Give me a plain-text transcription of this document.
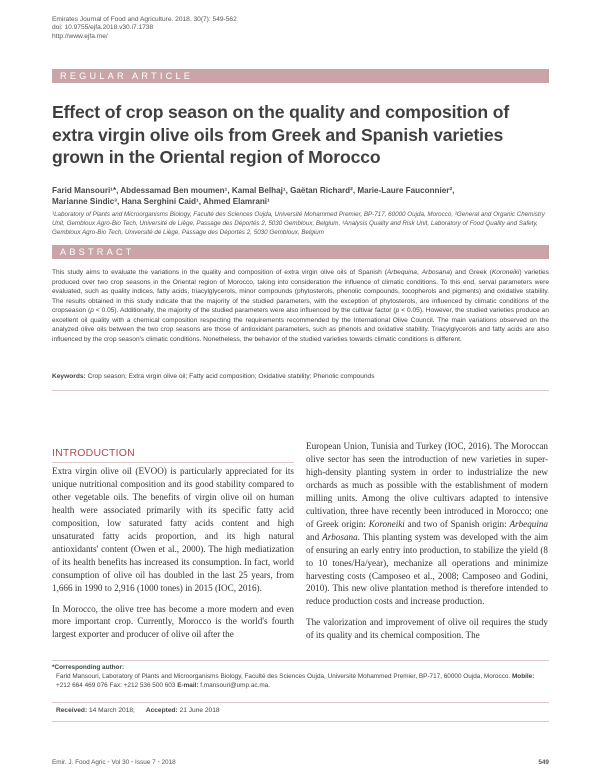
Emirates Journal of Food and Agriculture. 2018. 30(7): 549-562
doi: 10.9755/ejfa.2018.v30.i7.1738
http://www.ejfa.me/
REGULAR ARTICLE
Effect of crop season on the quality and composition of extra virgin olive oils from Greek and Spanish varieties grown in the Oriental region of Morocco
Farid Mansouri¹*, Abdessamad Ben moumen¹, Kamal Belhaj¹, Gaëtan Richard², Marie-Laure Fauconnier²,
Marianne Sindic³, Hana Serghini Caid¹, Ahmed Elamrani¹
¹Laboratory of Plants and Microorganisms Biology, Faculté des Sciences Oujda, Université Mohammed Premier, BP-717, 60000 Oujda, Morocco, ²General and Organic Chemistry Unit, Gembloux Agro-Bio Tech, Université de Liège, Passage des Déportés 2, 5030 Gembloux, Belgium, ³Analysis Quality and Risk Unit, Laboratory of Food Quality and Safety, Gembloux Agro-Bio Tech, Université de Liège, Passage des Déportés 2, 5030 Gembloux, Belgium
ABSTRACT
This study aims to evaluate the variations in the quality and composition of extra virgin olive oils of Spanish (Arbequina, Arbosana) and Greek (Koroneiki) varieties produced over two crop seasons in the Oriental region of Morocco, taking into consideration the influence of climatic conditions. To this end, serval parameters were evaluated, such as quality indices, fatty acids, triacylglycerols, minor compounds (phytosterols, phenolic compounds, tocopherols and pigments) and oxidative stability. The results obtained in this study indicate that the majority of the studied parameters, with the exception of phytosterols, are influenced by climatic conditions of the cropseason (p < 0.05). Additionally, the majority of the studied parameters were also influenced by the cultivar factor (p < 0.05). However, the studied varieties produce an excellent oil quality with a chemical composition respecting the requirements recommended by the International Olive Council. The main variations observed on the analyzed olive oils between the two crop seasons are those of antioxidant parameters, such as phenols and oxidative stability. Triacylglycerols and fatty acids are also influenced by the crop season's climatic conditions. Nonetheless, the behavior of the studied varieties towards climatic conditions is different.
Keywords: Crop season; Extra virgin olive oil; Fatty acid composition; Oxidative stability; Phenolic compounds
INTRODUCTION

Extra virgin olive oil (EVOO) is particularly appreciated for its unique nutritional composition and its good stability compared to other vegetable oils. The benefits of virgin olive oil on human health were associated primarily with its specific fatty acid composition, low saturated fatty acids content and high unsaturated fatty acids proportion, and its high natural antioxidants' content (Owen et al., 2000). The high mediatization of its health benefits has increased its consumption. In fact, world consumption of olive oil has doubled in the last 25 years, from 1,666 in 1990 to 2,916 (1000 tones) in 2015 (IOC, 2016).

In Morocco, the olive tree has become a more modern and even more important crop. Currently, Morocco is the world's fourth largest exporter and producer of olive oil after the

European Union, Tunisia and Turkey (IOC, 2016). The Moroccan olive sector has seen the introduction of new varieties in super-high-density planting system in order to industrialize the new orchards as much as possible with the establishment of modern milling units. Among the olive cultivars adapted to intensive cultivation, three have recently been introduced in Morocco; one of Greek origin: Koroneiki and two of Spanish origin: Arbequina and Arbosana. This planting system was developed with the aim of ensuring an early entry into production, to stabilize the yield (8 to 10 tones/Ha/year), mechanize all operations and minimize harvesting costs (Camposeo et al., 2008; Camposeo and Godini, 2010). This new olive plantation method is therefore intended to reduce production costs and increase production.

The valorization and improvement of olive oil requires the study of its quality and its chemical composition. The

*Corresponding author:
Farid Mansouri, Laboratory of Plants and Microorganisms Biology, Faculté des Sciences Oujda, Université Mohammed Premier, BP-717, 60000 Oujda, Morocco. Mobile: +212 664 469 076 Fax: +212 536 500 603 E-mail: f.mansouri@ump.ac.ma.
Received: 14 March 2018; Accepted: 21 June 2018
Emir. J. Food Agric • Vol 30 • Issue 7 • 2018	549
